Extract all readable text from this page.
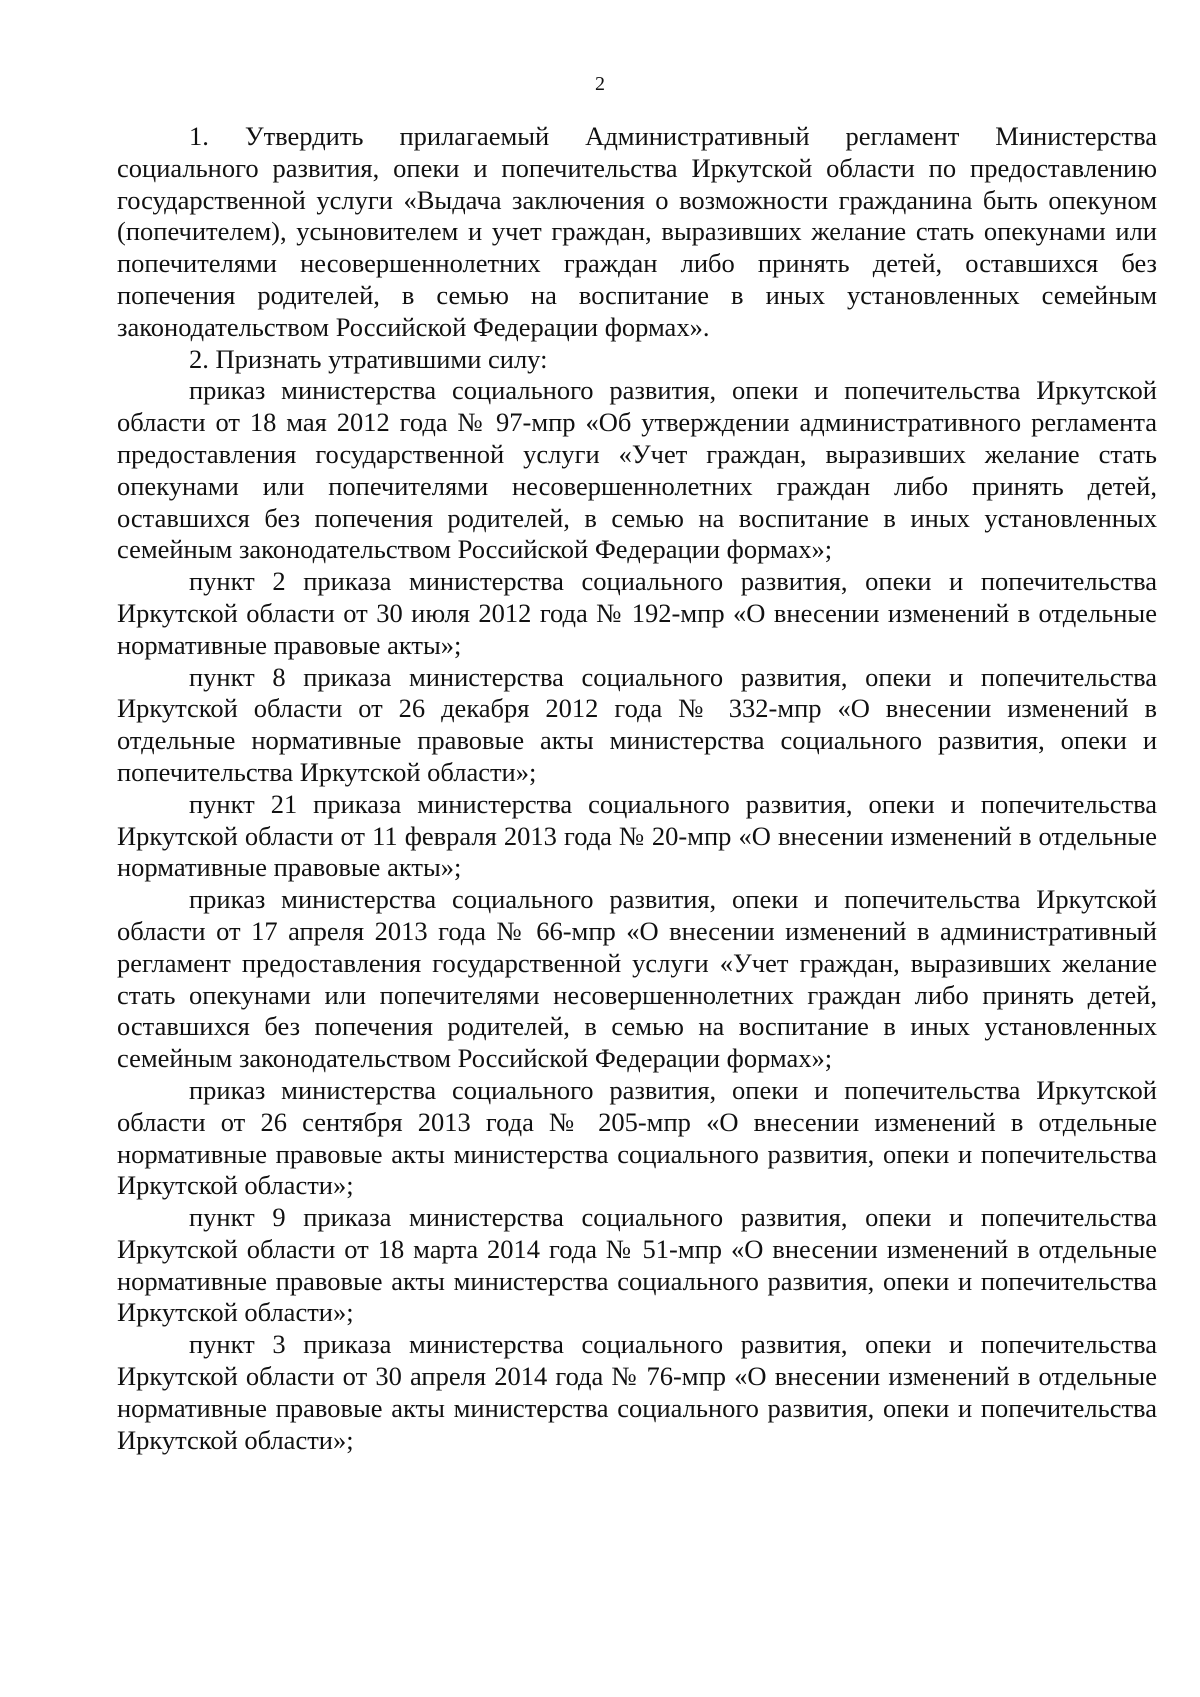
2

1. Утвердить прилагаемый Административный регламент Министерства социального развития, опеки и попечительства Иркутской области по предоставлению государственной услуги «Выдача заключения о возможности гражданина быть опекуном (попечителем), усыновителем и учет граждан, выразивших желание стать опекунами или попечителями несовершеннолетних граждан либо принять детей, оставшихся без попечения родителей, в семью на воспитание в иных установленных семейным законодательством Российской Федерации формах».

2. Признать утратившими силу:

приказ министерства социального развития, опеки и попечительства Иркутской области от 18 мая 2012 года № 97-мпр «Об утверждении административного регламента предоставления государственной услуги «Учет граждан, выразивших желание стать опекунами или попечителями несовершеннолетних граждан либо принять детей, оставшихся без попечения родителей, в семью на воспитание в иных установленных семейным законодательством Российской Федерации формах»;

пункт 2 приказа министерства социального развития, опеки и попечительства Иркутской области от 30 июля 2012 года № 192-мпр «О внесении изменений в отдельные нормативные правовые акты»;

пункт 8 приказа министерства социального развития, опеки и попечительства Иркутской области от 26 декабря 2012 года № 332-мпр «О внесении изменений в отдельные нормативные правовые акты министерства социального развития, опеки и попечительства Иркутской области»;

пункт 21 приказа министерства социального развития, опеки и попечительства Иркутской области от 11 февраля 2013 года № 20-мпр «О внесении изменений в отдельные нормативные правовые акты»;

приказ министерства социального развития, опеки и попечительства Иркутской области от 17 апреля 2013 года № 66-мпр «О внесении изменений в административный регламент предоставления государственной услуги «Учет граждан, выразивших желание стать опекунами или попечителями несовершеннолетних граждан либо принять детей, оставшихся без попечения родителей, в семью на воспитание в иных установленных семейным законодательством Российской Федерации формах»;

приказ министерства социального развития, опеки и попечительства Иркутской области от 26 сентября 2013 года № 205-мпр «О внесении изменений в отдельные нормативные правовые акты министерства социального развития, опеки и попечительства Иркутской области»;

пункт 9 приказа министерства социального развития, опеки и попечительства Иркутской области от 18 марта 2014 года № 51-мпр «О внесении изменений в отдельные нормативные правовые акты министерства социального развития, опеки и попечительства Иркутской области»;

пункт 3 приказа министерства социального развития, опеки и попечительства Иркутской области от 30 апреля 2014 года № 76-мпр «О внесении изменений в отдельные нормативные правовые акты министерства социального развития, опеки и попечительства Иркутской области»;
